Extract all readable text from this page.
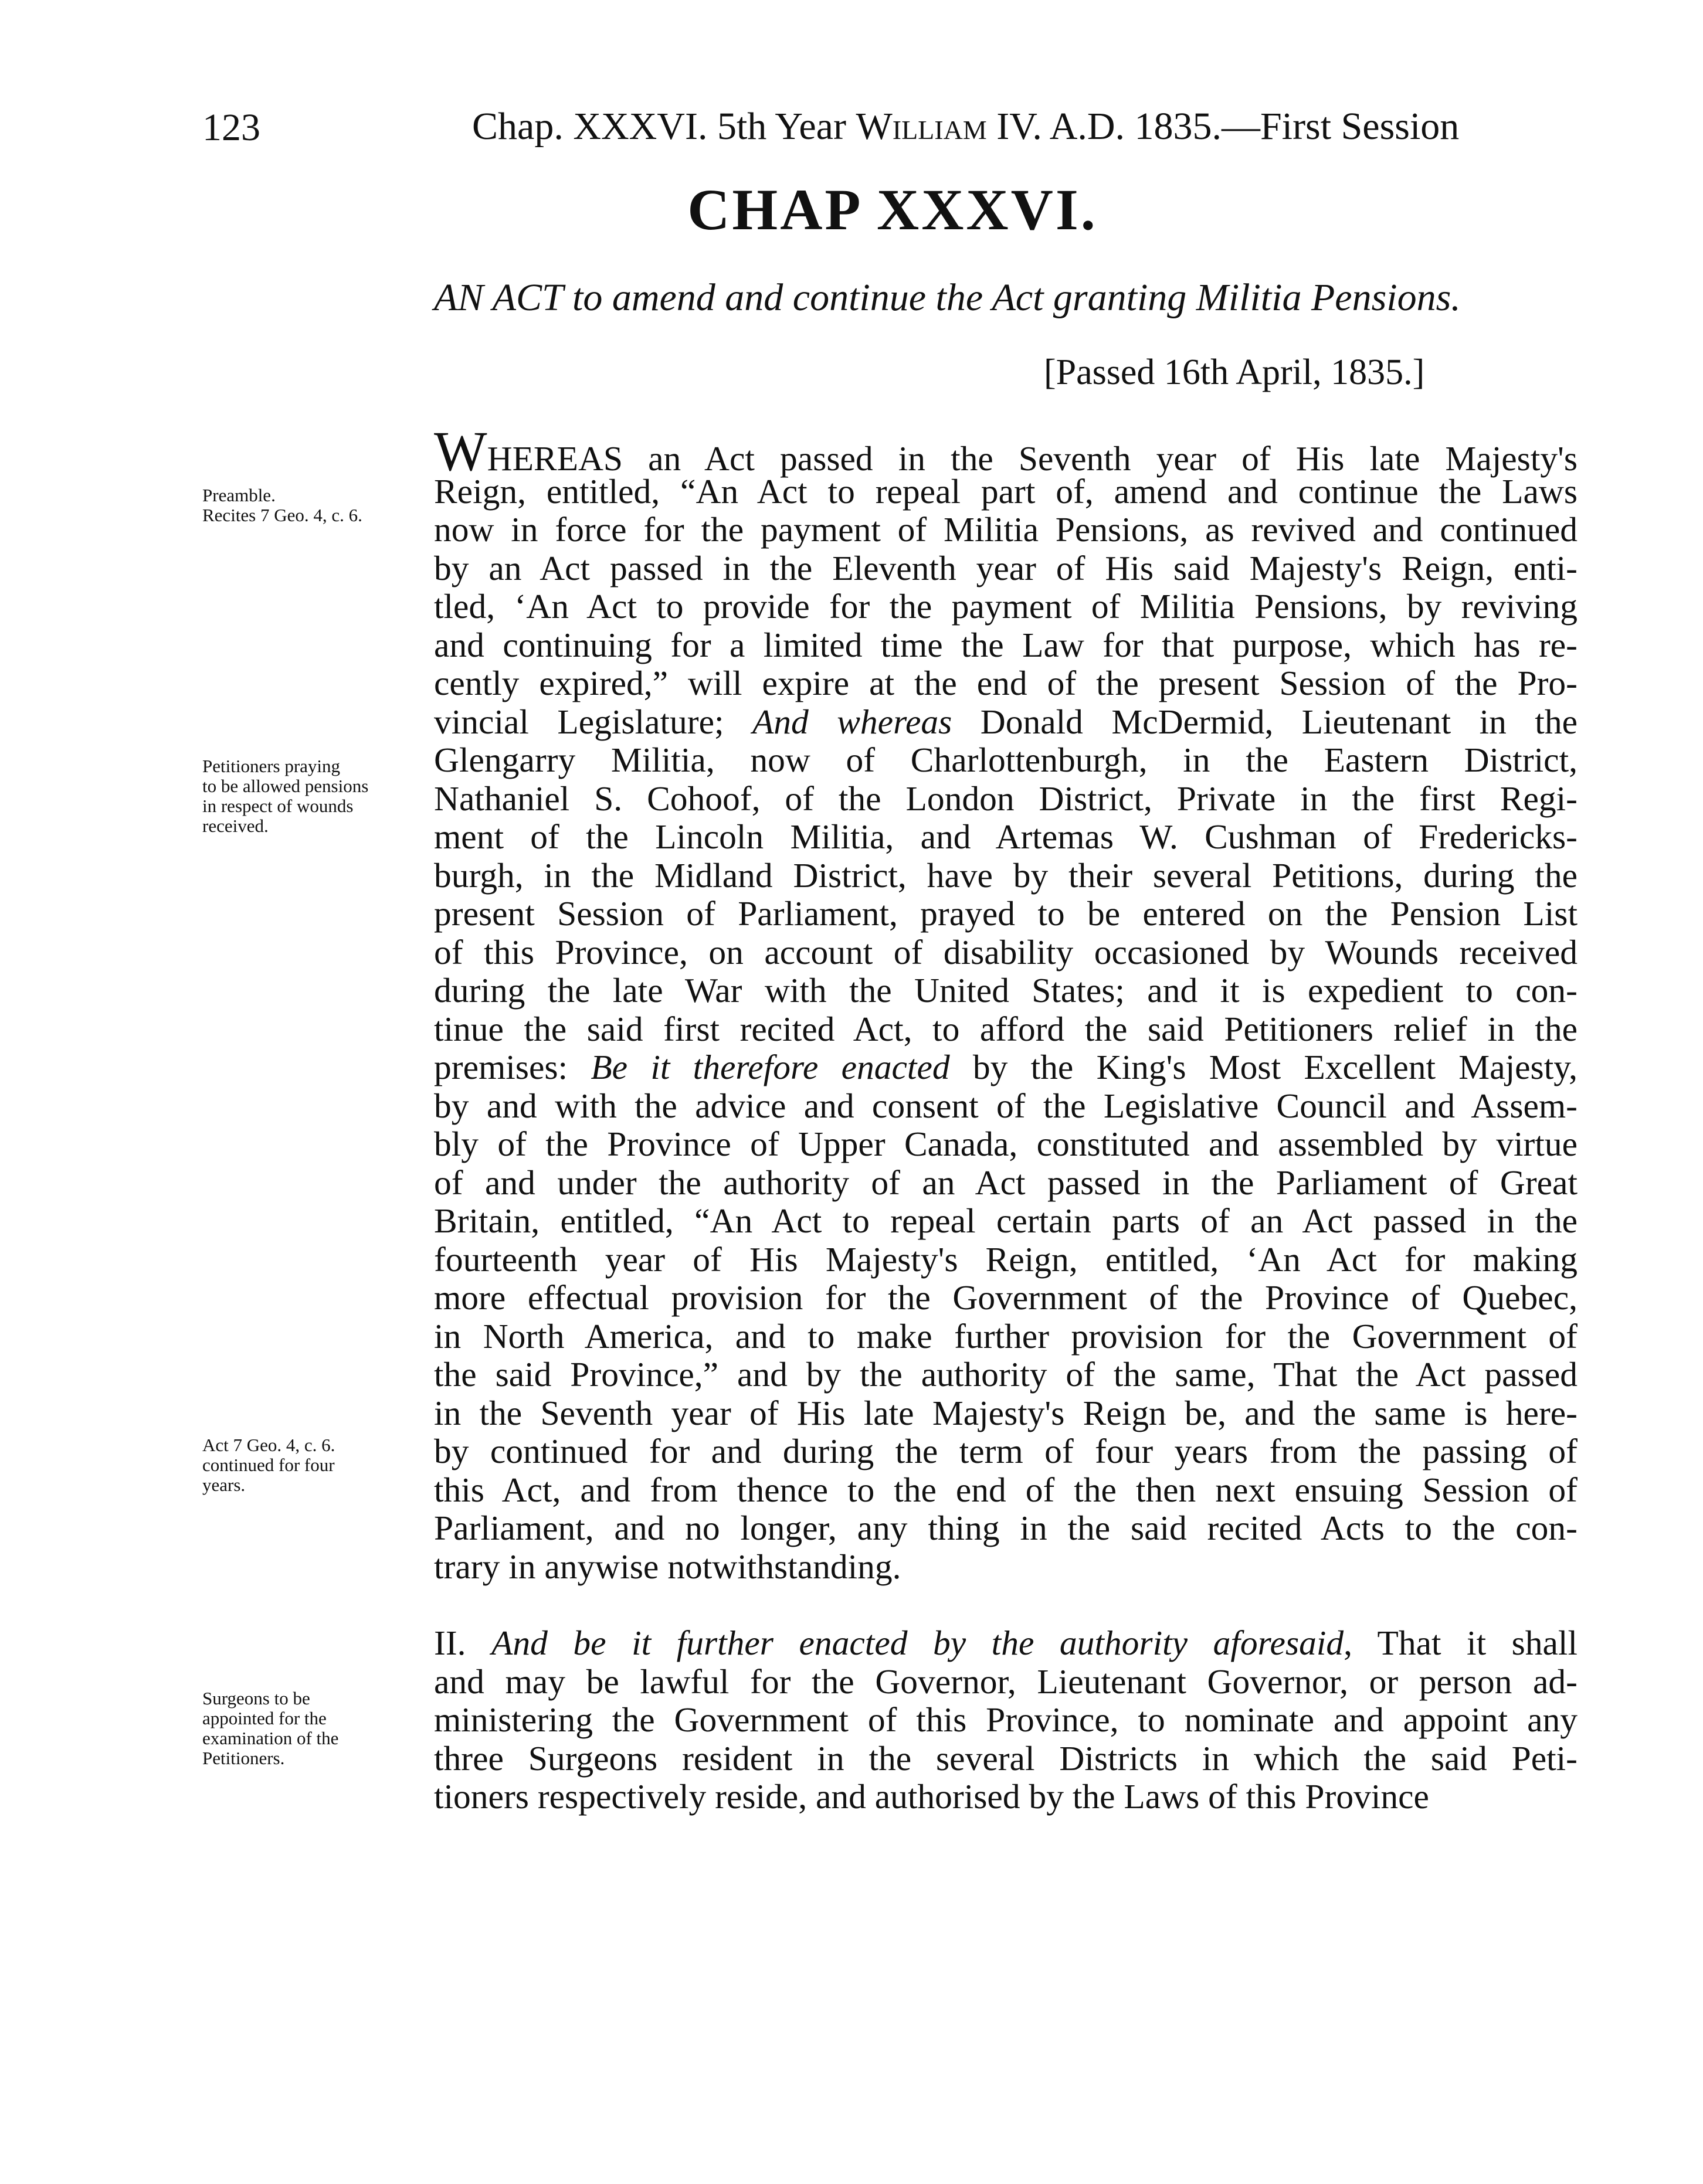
123	Chap. XXXVI. 5th Year William IV. A.D. 1835.—First Session
CHAP XXXVI.
AN ACT to amend and continue the Act granting Militia Pensions.
[Passed 16th April, 1835.]
Preamble.
Recites 7 Geo. 4, c. 6.
Petitioners praying
to be allowed pensions
in respect of wounds
received.
Act 7 Geo. 4, c. 6.
continued for four
years.
Surgeons to be
appointed for the
examination of the
Petitioners.
WHEREAS an Act passed in the Seventh year of His late Majesty's
Reign, entitled, “An Act to repeal part of, amend and continue the Laws
now in force for the payment of Militia Pensions, as revived and continued
by an Act passed in the Eleventh year of His said Majesty's Reign, enti-
tled, ‘An Act to provide for the payment of Militia Pensions, by reviving
and continuing for a limited time the Law for that purpose, which has re-
cently expired,” will expire at the end of the present Session of the Pro-
vincial Legislature; And whereas Donald McDermid, Lieutenant in the
Glengarry Militia, now of Charlottenburgh, in the Eastern District,
Nathaniel S. Cohoof, of the London District, Private in the first Regi-
ment of the Lincoln Militia, and Artemas W. Cushman of Fredericks-
burgh, in the Midland District, have by their several Petitions, during the
present Session of Parliament, prayed to be entered on the Pension List
of this Province, on account of disability occasioned by Wounds received
during the late War with the United States; and it is expedient to con-
tinue the said first recited Act, to afford the said Petitioners relief in the
premises: Be it therefore enacted by the King's Most Excellent Majesty,
by and with the advice and consent of the Legislative Council and Assem-
bly of the Province of Upper Canada, constituted and assembled by virtue
of and under the authority of an Act passed in the Parliament of Great
Britain, entitled, “An Act to repeal certain parts of an Act passed in the
fourteenth year of His Majesty's Reign, entitled, ‘An Act for making
more effectual provision for the Government of the Province of Quebec,
in North America, and to make further provision for the Government of
the said Province,” and by the authority of the same, That the Act passed
in the Seventh year of His late Majesty's Reign be, and the same is here-
by continued for and during the term of four years from the passing of
this Act, and from thence to the end of the then next ensuing Session of
Parliament, and no longer, any thing in the said recited Acts to the con-
trary in anywise notwithstanding.
II. And be it further enacted by the authority aforesaid, That it shall
and may be lawful for the Governor, Lieutenant Governor, or person ad-
ministering the Government of this Province, to nominate and appoint any
three Surgeons resident in the several Districts in which the said Peti-
tioners respectively reside, and authorised by the Laws of this Province
